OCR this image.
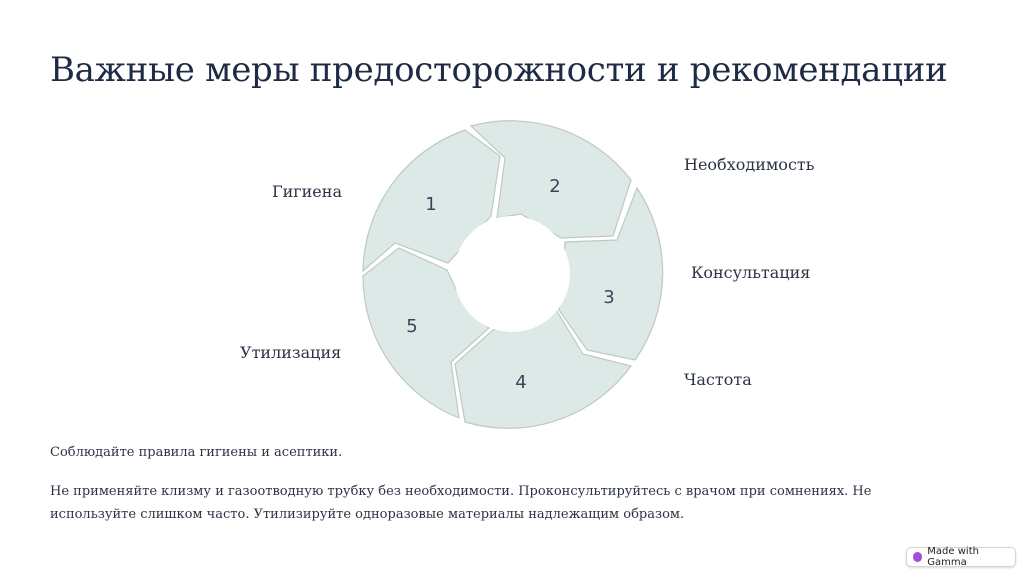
Важные меры предосторожности и рекомендации
1
2
3
4
5
Гигиена
Необходимость
Консультация
Частота
Утилизация
Соблюдайте правила гигиены и асептики.
Не применяйте клизму и газоотводную трубку без необходимости. Проконсультируйтесь с врачом при сомнениях. Не используйте слишком часто. Утилизируйте одноразовые материалы надлежащим образом.
Made with Gamma
